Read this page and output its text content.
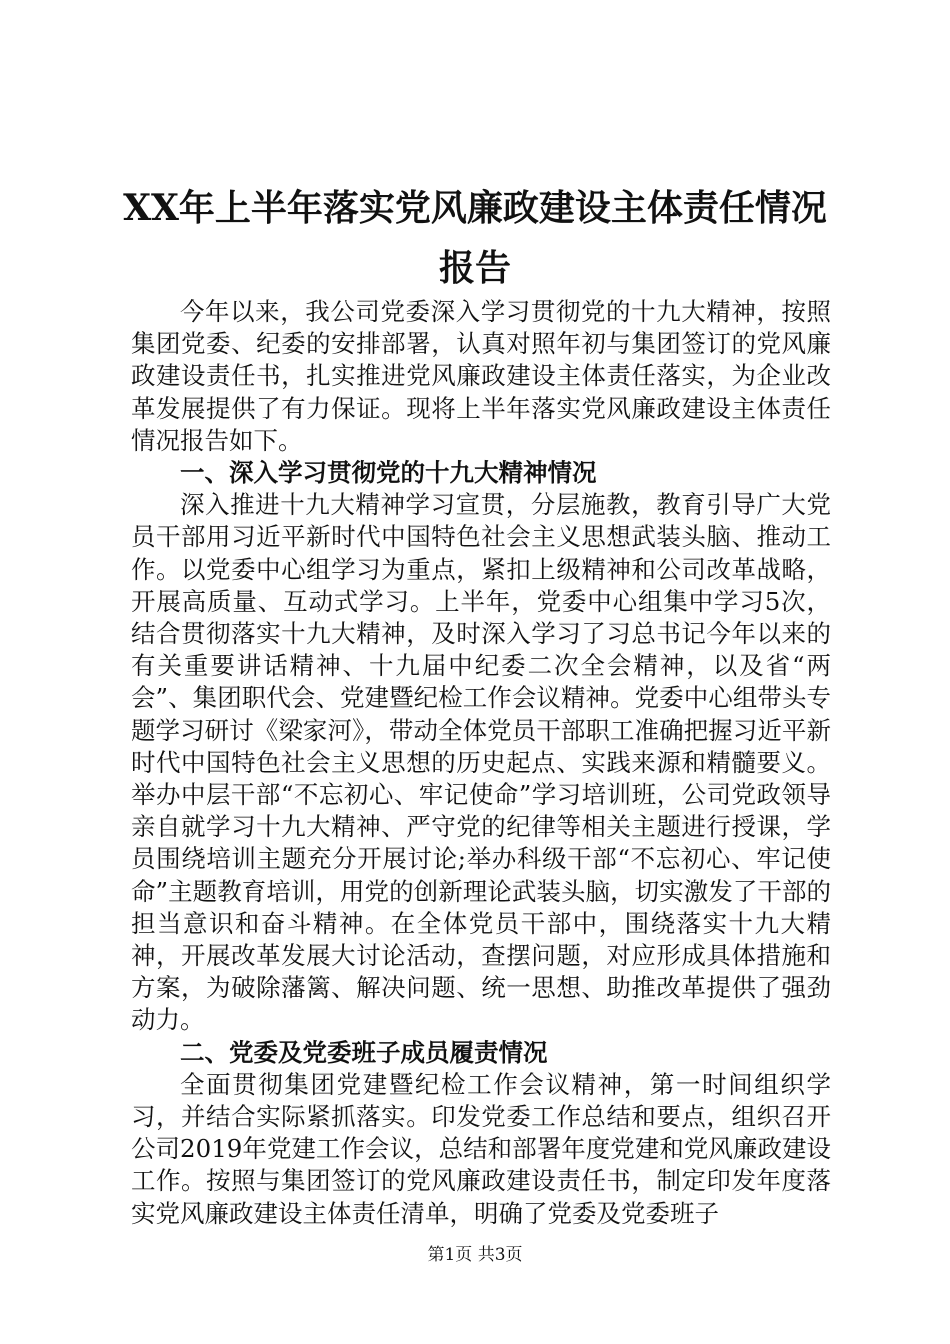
XX年上半年落实党风廉政建设主体责任情况
报告

今年以来，我公司党委深入学习贯彻党的十九大精神，按照集团党委、纪委的安排部署，认真对照年初与集团签订的党风廉政建设责任书，扎实推进党风廉政建设主体责任落实，为企业改革发展提供了有力保证。现将上半年落实党风廉政建设主体责任情况报告如下。

一、深入学习贯彻党的十九大精神情况

深入推进十九大精神学习宣贯，分层施教，教育引导广大党员干部用习近平新时代中国特色社会主义思想武装头脑、推动工作。以党委中心组学习为重点，紧扣上级精神和公司改革战略，开展高质量、互动式学习。上半年，党委中心组集中学习5次，结合贯彻落实十九大精神，及时深入学习了习总书记今年以来的有关重要讲话精神、十九届中纪委二次全会精神，以及省“两会”、集团职代会、党建暨纪检工作会议精神。党委中心组带头专题学习研讨《梁家河》，带动全体党员干部职工准确把握习近平新时代中国特色社会主义思想的历史起点、实践来源和精髓要义。举办中层干部“不忘初心、牢记使命”学习培训班，公司党政领导亲自就学习十九大精神、严守党的纪律等相关主题进行授课，学员围绕培训主题充分开展讨论;举办科级干部“不忘初心、牢记使命”主题教育培训，用党的创新理论武装头脑，切实激发了干部的担当意识和奋斗精神。在全体党员干部中，围绕落实十九大精神，开展改革发展大讨论活动，查摆问题，对应形成具体措施和方案，为破除藩篱、解决问题、统一思想、助推改革提供了强劲动力。

二、党委及党委班子成员履责情况

全面贯彻集团党建暨纪检工作会议精神，第一时间组织学习，并结合实际紧抓落实。印发党委工作总结和要点，组织召开公司2019年党建工作会议，总结和部署年度党建和党风廉政建设工作。按照与集团签订的党风廉政建设责任书，制定印发年度落实党风廉政建设主体责任清单，明确了党委及党委班子

第1页 共3页
